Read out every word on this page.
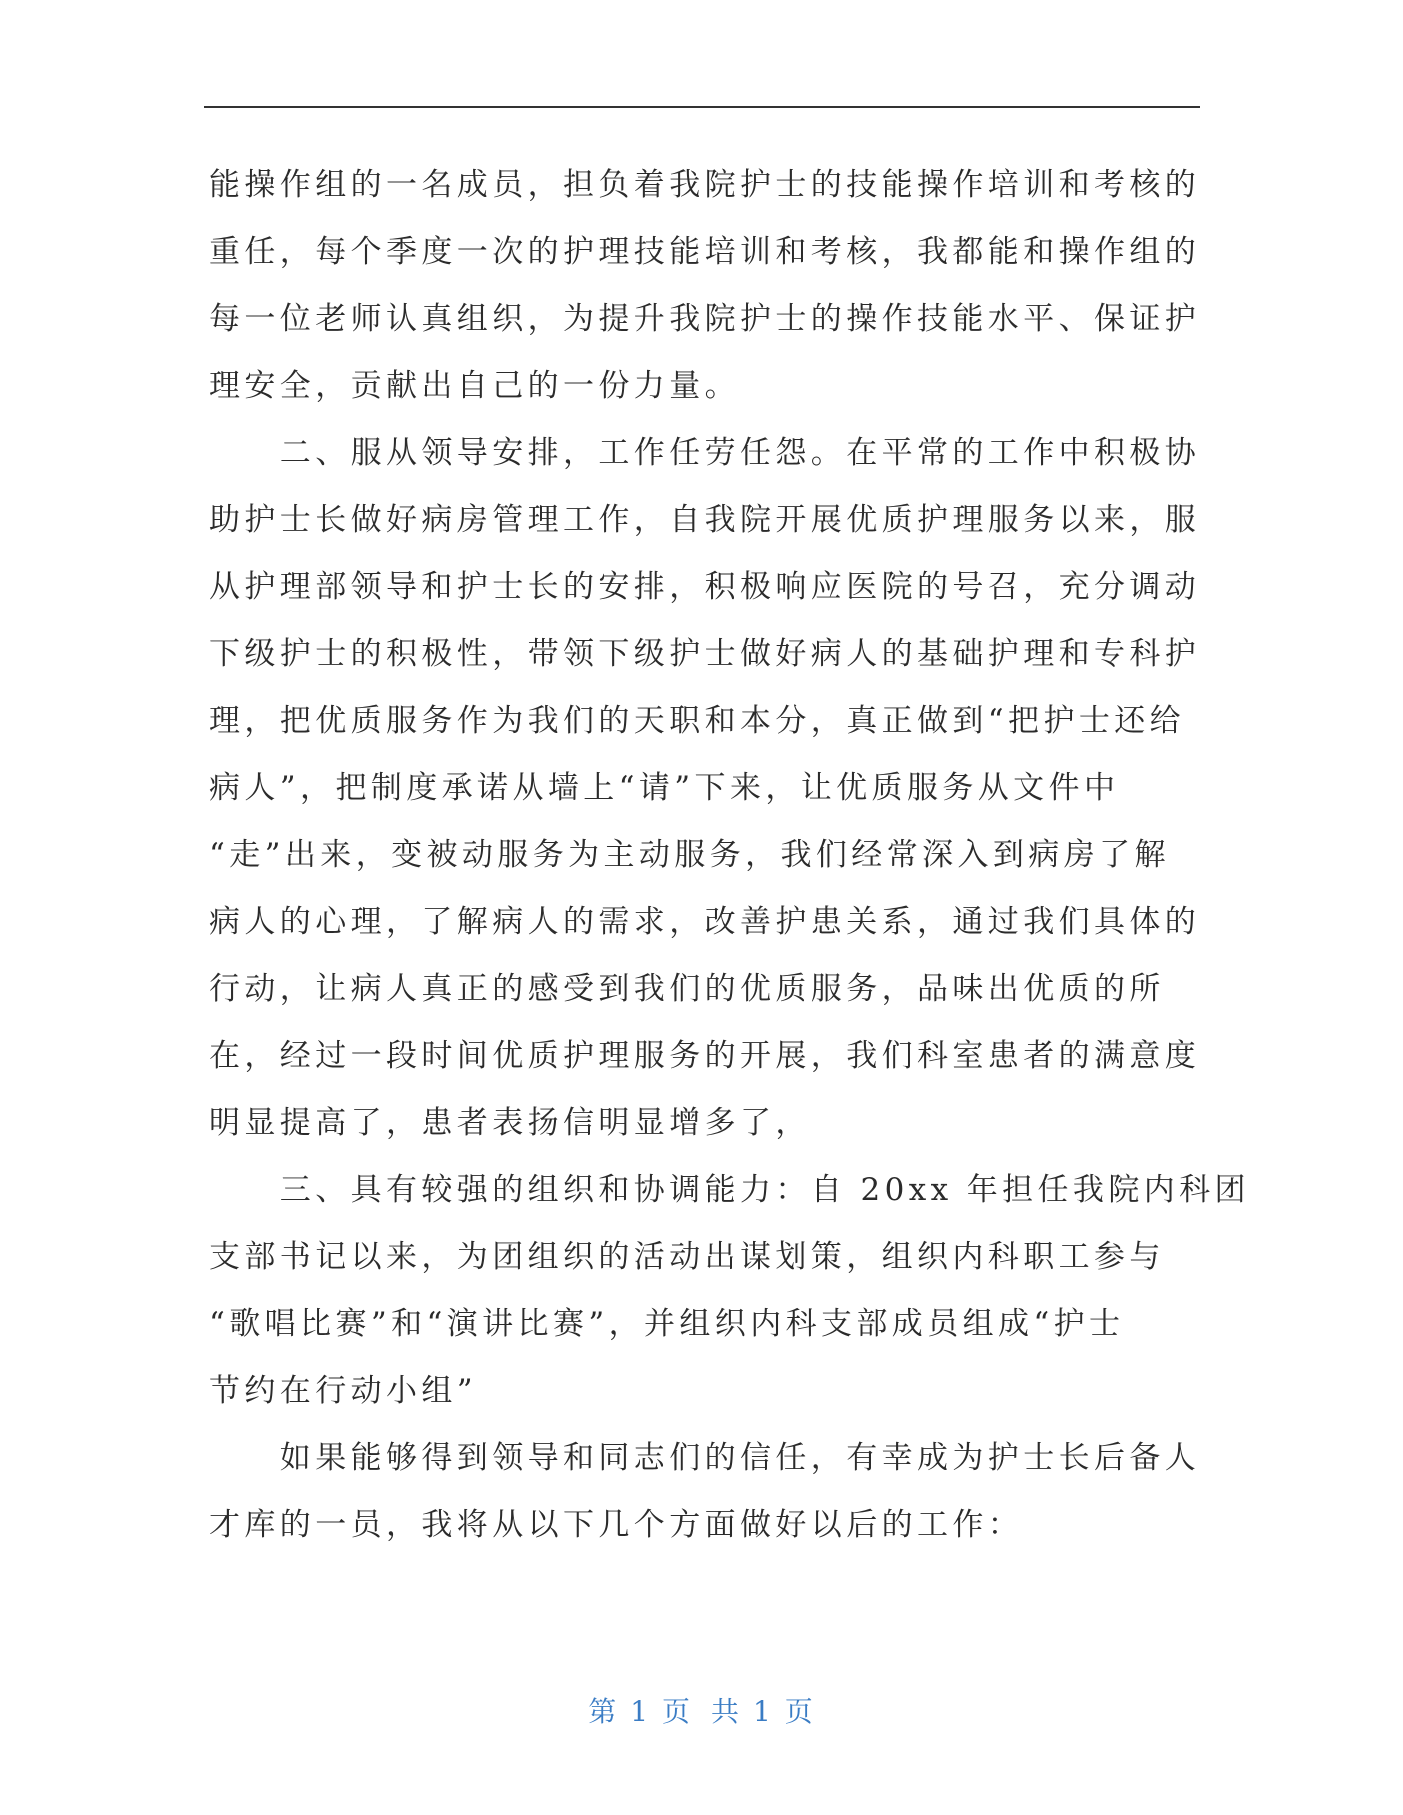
能操作组的一名成员，担负着我院护士的技能操作培训和考核的
重任，每个季度一次的护理技能培训和考核，我都能和操作组的
每一位老师认真组织，为提升我院护士的操作技能水平、保证护
理安全，贡献出自己的一份力量。
　　二、服从领导安排，工作任劳任怨。在平常的工作中积极协
助护士长做好病房管理工作，自我院开展优质护理服务以来，服
从护理部领导和护士长的安排，积极响应医院的号召，充分调动
下级护士的积极性，带领下级护士做好病人的基础护理和专科护
理，把优质服务作为我们的天职和本分，真正做到“把护士还给
病人”，把制度承诺从墙上“请”下来，让优质服务从文件中
“走”出来，变被动服务为主动服务，我们经常深入到病房了解
病人的心理，了解病人的需求，改善护患关系，通过我们具体的
行动，让病人真正的感受到我们的优质服务，品味出优质的所
在，经过一段时间优质护理服务的开展，我们科室患者的满意度
明显提高了，患者表扬信明显增多了，
　　三、具有较强的组织和协调能力：自 20xx 年担任我院内科团
支部书记以来，为团组织的活动出谋划策，组织内科职工参与
“歌唱比赛”和“演讲比赛”，并组织内科支部成员组成“护士
节约在行动小组”
　　如果能够得到领导和同志们的信任，有幸成为护士长后备人
才库的一员，我将从以下几个方面做好以后的工作：
第 1 页 共 1 页
